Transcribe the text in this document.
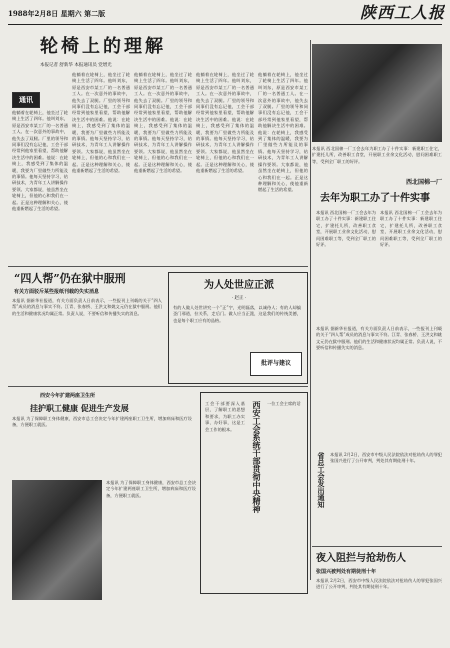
1988年2月8日 星期六 第二版	陕西工人报
轮椅上的理解
本报记者 舒新华 本报通讯员 党增光
通讯
他躺着在轮椅上，他坐过了轮椅上生活了四年。他叫刘东，原是西安市某工厂的一名普通工人。在一次意外的事故中，他失去了双腿。厂里的领导和同事们没有忘记他，工会干部经常到他家里看望，帮助他解决生活中的困难。他说：在轮椅上，我感受到了集体的温暖，我要为厂里做些力所能及的事情。他每天坚持学习，钻研技术，为青年工人讲解操作要领。大家都说，他虽然坐在轮椅上，但他的心和我们在一起。正是这种理解和关心，使他重新燃起了生活的希望。
他躺着在轮椅上，他坐过了轮椅上生活了四年。他叫刘东，原是西安市某工厂的一名普通工人。在一次意外的事故中，他失去了双腿。厂里的领导和同事们没有忘记他，工会干部经常到他家里看望，帮助他解决生活中的困难。他说：在轮椅上，我感受到了集体的温暖，我要为厂里做些力所能及的事情。他每天坚持学习，钻研技术，为青年工人讲解操作要领。大家都说，他虽然坐在轮椅上，但他的心和我们在一起。正是这种理解和关心，使他重新燃起了生活的希望。
他躺着在轮椅上，他坐过了轮椅上生活了四年。他叫刘东，原是西安市某工厂的一名普通工人。在一次意外的事故中，他失去了双腿。厂里的领导和同事们没有忘记他，工会干部经常到他家里看望，帮助他解决生活中的困难。他说：在轮椅上，我感受到了集体的温暖，我要为厂里做些力所能及的事情。他每天坚持学习，钻研技术，为青年工人讲解操作要领。大家都说，他虽然坐在轮椅上，但他的心和我们在一起。正是这种理解和关心，使他重新燃起了生活的希望。
他躺着在轮椅上，他坐过了轮椅上生活了四年。他叫刘东，原是西安市某工厂的一名普通工人。在一次意外的事故中，他失去了双腿。厂里的领导和同事们没有忘记他，工会干部经常到他家里看望，帮助他解决生活中的困难。他说：在轮椅上，我感受到了集体的温暖，我要为厂里做些力所能及的事情。他每天坚持学习，钻研技术，为青年工人讲解操作要领。大家都说，他虽然坐在轮椅上，但他的心和我们在一起。正是这种理解和关心，使他重新燃起了生活的希望。
他躺着在轮椅上，他坐过了轮椅上生活了四年。他叫刘东，原是西安市某工厂的一名普通工人。在一次意外的事故中，他失去了双腿。厂里的领导和同事们没有忘记他，工会干部经常到他家里看望，帮助他解决生活中的困难。他说：在轮椅上，我感受到了集体的温暖，我要为厂里做些力所能及的事情。他每天坚持学习，钻研技术，为青年工人讲解操作要领。大家都说，他虽然坐在轮椅上，但他的心和我们在一起。正是这种理解和关心，使他重新燃起了生活的希望。
本报讯 西北国棉一厂工会去年为职工办了十件实事：新建职工住宅，扩建托儿所，改善职工食堂，开展职工业余文化活动，慰问困难职工等，受到全厂职工的好评。
西北国棉一厂
去年为职工办了十件实事
本报讯 西北国棉一厂工会去年为职工办了十件实事：新建职工住宅，扩建托儿所，改善职工食堂，开展职工业余文化活动，慰问困难职工等，受到全厂职工的好评。
本报讯 西北国棉一厂工会去年为职工办了十件实事：新建职工住宅，扩建托儿所，改善职工食堂，开展职工业余文化活动，慰问困难职工等，受到全厂职工的好评。
“四人帮”仍在狱中服刑
有关方面驳斥某些报纸刊载的失实消息
本报讯 据新华社报道，有关方面负责人日前表示，一些报刊上刊载的关于“四人帮”成员的消息与事实不符。江青、张春桥、王洪文和姚文元仍在狱中服刑。他们的生活和健康状况均属正常。负责人说，不要听信和传播失实的消息。
为人处世应正派
· 赵正 ·
有的人做人处世讲究一个“正”字，光明磊落，以诚待人；有的人却搞歪门邪道，拉关系，走后门。做人应当正派，这是我们的传统美德，也是每个职工应有的品格。
西安今年扩建两座卫生所
挂护职工健康 促进生产发展
本报讯 为了保障职工身体健康，西安市总工会决定今年扩建两座职工卫生所，增加病床和医疗设备，方便职工就医。
本报讯 为了保障职工身体健康，西安市总工会决定今年扩建两座职工卫生所，增加病床和医疗设备，方便职工就医。	西安工会系统干部贯彻中央精神
工会干部要深入基层，了解职工的思想和要求，为职工办实事、办好事，这是工会工作的根本。
一位工会主席的话
批评与建议
本报讯 据新华社报道，有关方面负责人日前表示，一些报刊上刊载的关于“四人帮”成员的消息与事实不符。江青、张春桥、王洪文和姚文元仍在狱中服刑。他们的生活和健康状况均属正常。负责人说，不要听信和传播失实的消息。
省总工会发出通知 本报讯 2月2日，西安市中级人民法院依法对抢劫伤人的罪犯张国兴进行了公开审判，判处其有期徒刑十年。
夜入阻拦与抢劫伤人
张国兴被判处有期徒刑十年
本报讯 2月2日，西安市中级人民法院依法对抢劫伤人的罪犯张国兴进行了公开审判，判处其有期徒刑十年。
